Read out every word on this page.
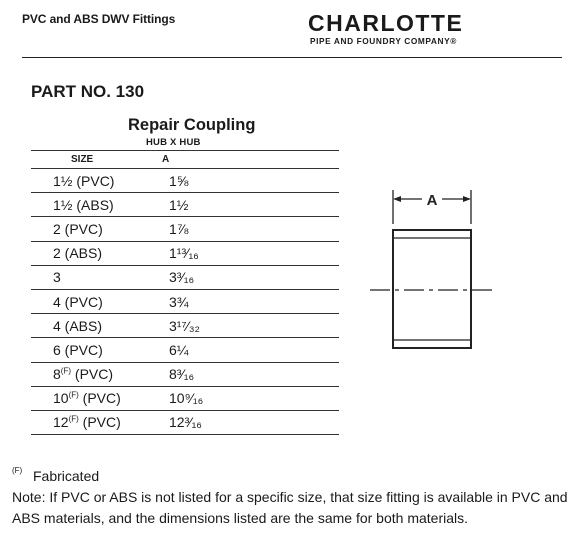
PVC and ABS DWV Fittings	CHARLOTTE
PIPE AND FOUNDRY COMPANY®
PART NO. 130
Repair Coupling
HUB X HUB
SIZE	A
1½ (PVC)	1⅝
1½ (ABS)	1½
2 (PVC)	1⅞
2 (ABS)	1¹³⁄₁₆
3	3³⁄₁₆
4 (PVC)	3¾
4 (ABS)	3¹⁷⁄₃₂
6 (PVC)	6¼
$8^{(F)}$ (PVC)	8³⁄₁₆
$10^{(F)}$ (PVC)	10⁹⁄₁₆
$12^{(F)}$ (PVC)	12³⁄₁₆
A
(F) Fabricated
Note: If PVC or ABS is not listed for a specific size, that size fitting is available in PVC and ABS materials, and the dimensions listed are the same for both materials.
